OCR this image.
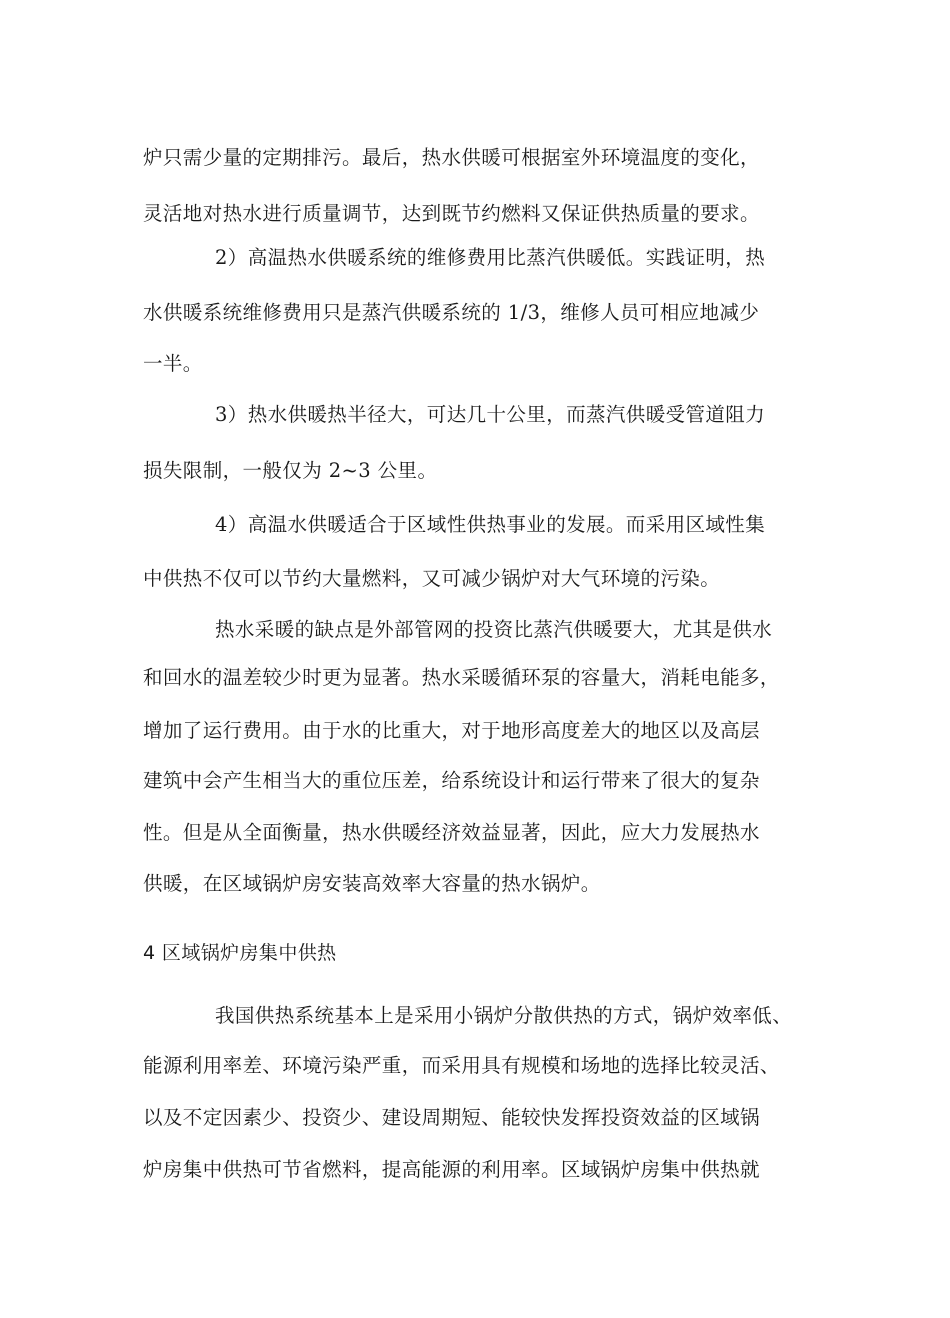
炉只需少量的定期排污。最后，热水供暖可根据室外环境温度的变化，
灵活地对热水进行质量调节，达到既节约燃料又保证供热质量的要求。
2）高温热水供暖系统的维修费用比蒸汽供暖低。实践证明，热
水供暖系统维修费用只是蒸汽供暖系统的 1/3，维修人员可相应地减少
一半。
3）热水供暖热半径大，可达几十公里，而蒸汽供暖受管道阻力
损失限制，一般仅为 2~3 公里。
4）高温水供暖适合于区域性供热事业的发展。而采用区域性集
中供热不仅可以节约大量燃料，又可减少锅炉对大气环境的污染。
热水采暖的缺点是外部管网的投资比蒸汽供暖要大，尤其是供水
和回水的温差较少时更为显著。热水采暖循环泵的容量大，消耗电能多，
增加了运行费用。由于水的比重大，对于地形高度差大的地区以及高层
建筑中会产生相当大的重位压差，给系统设计和运行带来了很大的复杂
性。但是从全面衡量，热水供暖经济效益显著，因此，应大力发展热水
供暖，在区域锅炉房安装高效率大容量的热水锅炉。
4 区域锅炉房集中供热
我国供热系统基本上是采用小锅炉分散供热的方式，锅炉效率低、
能源利用率差、环境污染严重，而采用具有规模和场地的选择比较灵活、
以及不定因素少、投资少、建设周期短、能较快发挥投资效益的区域锅
炉房集中供热可节省燃料，提高能源的利用率。区域锅炉房集中供热就
